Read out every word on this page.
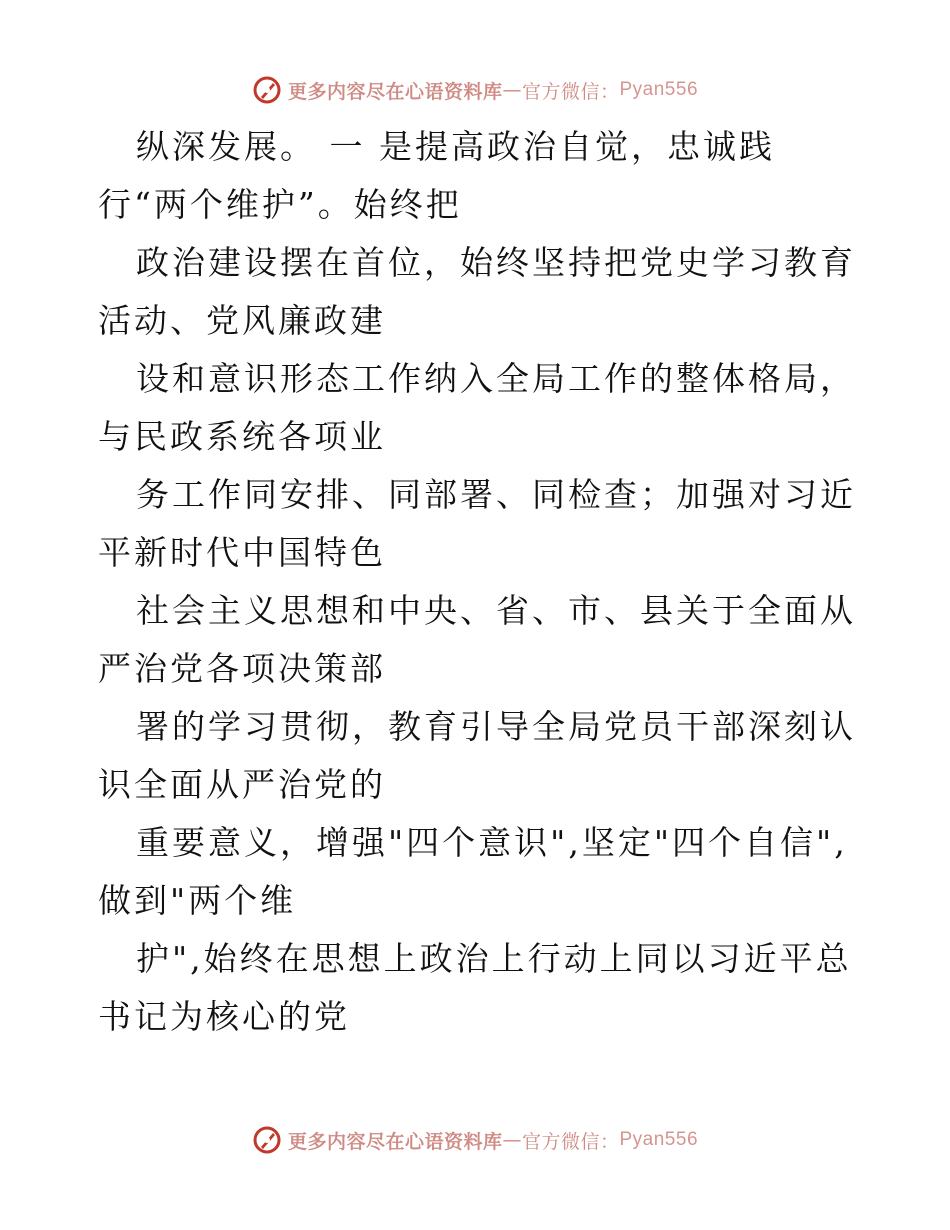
更多内容尽在心语资料库 — 官方微信： Pyan556

纵深发展。 一 是提高政治自觉，忠诚践行“两个维护”。始终把

政治建设摆在首位，始终坚持把党史学习教育活动、党风廉政建

设和意识形态工作纳入全局工作的整体格局，与民政系统各项业

务工作同安排、同部署、同检查；加强对习近平新时代中国特色

社会主义思想和中央、省、市、县关于全面从严治党各项决策部

署的学习贯彻，教育引导全局党员干部深刻认识全面从严治党的

重要意义，增强"四个意识",坚定"四个自信",做到"两个维

护",始终在思想上政治上行动上同以习近平总书记为核心的党

更多内容尽在心语资料库 — 官方微信： Pyan556
